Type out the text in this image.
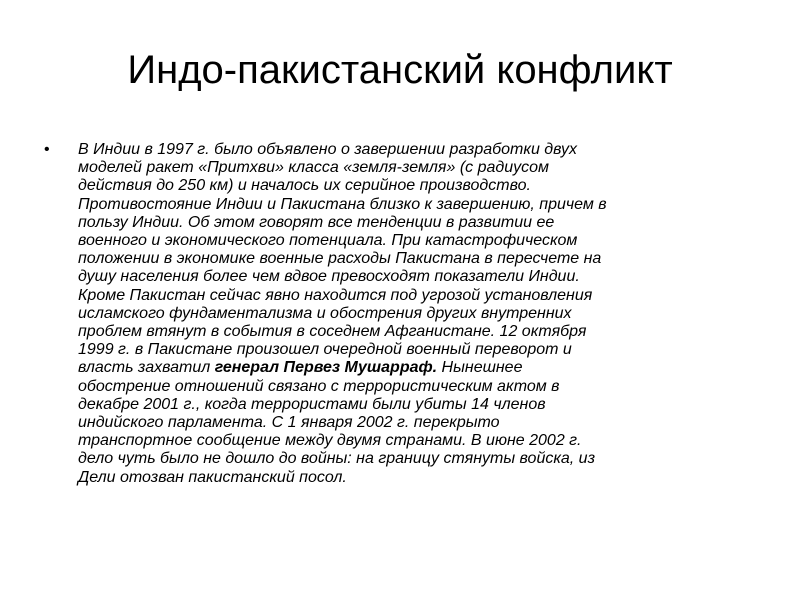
Индо-пакистанский конфликт
• В Индии в 1997 г. было объявлено о завершении разработки двух
моделей ракет «Притхви» класса «земля-земля» (с радиусом
действия до 250 км) и началось их серийное производство.
Противостояние Индии и Пакистана близко к завершению, причем в
пользу Индии. Об этом говорят все тенденции в развитии ее
военного и экономического потенциала. При катастрофическом
положении в экономике военные расходы Пакистана в пересчете на
душу населения более чем вдвое превосходят показатели Индии.
Кроме Пакистан сейчас явно находится под угрозой установления
исламского фундаментализма и обострения других внутренних
проблем втянут в события в соседнем Афганистане. 12 октября
1999 г. в Пакистане произошел очередной военный переворот и
власть захватил генерал Первез Мушарраф. Нынешнее
обострение отношений связано с террористическим актом в
декабре 2001 г., когда террористами были убиты 14 членов
индийского парламента. С 1 января 2002 г. перекрыто
транспортное сообщение между двумя странами. В июне 2002 г.
дело чуть было не дошло до войны: на границу стянуты войска, из
Дели отозван пакистанский посол.
